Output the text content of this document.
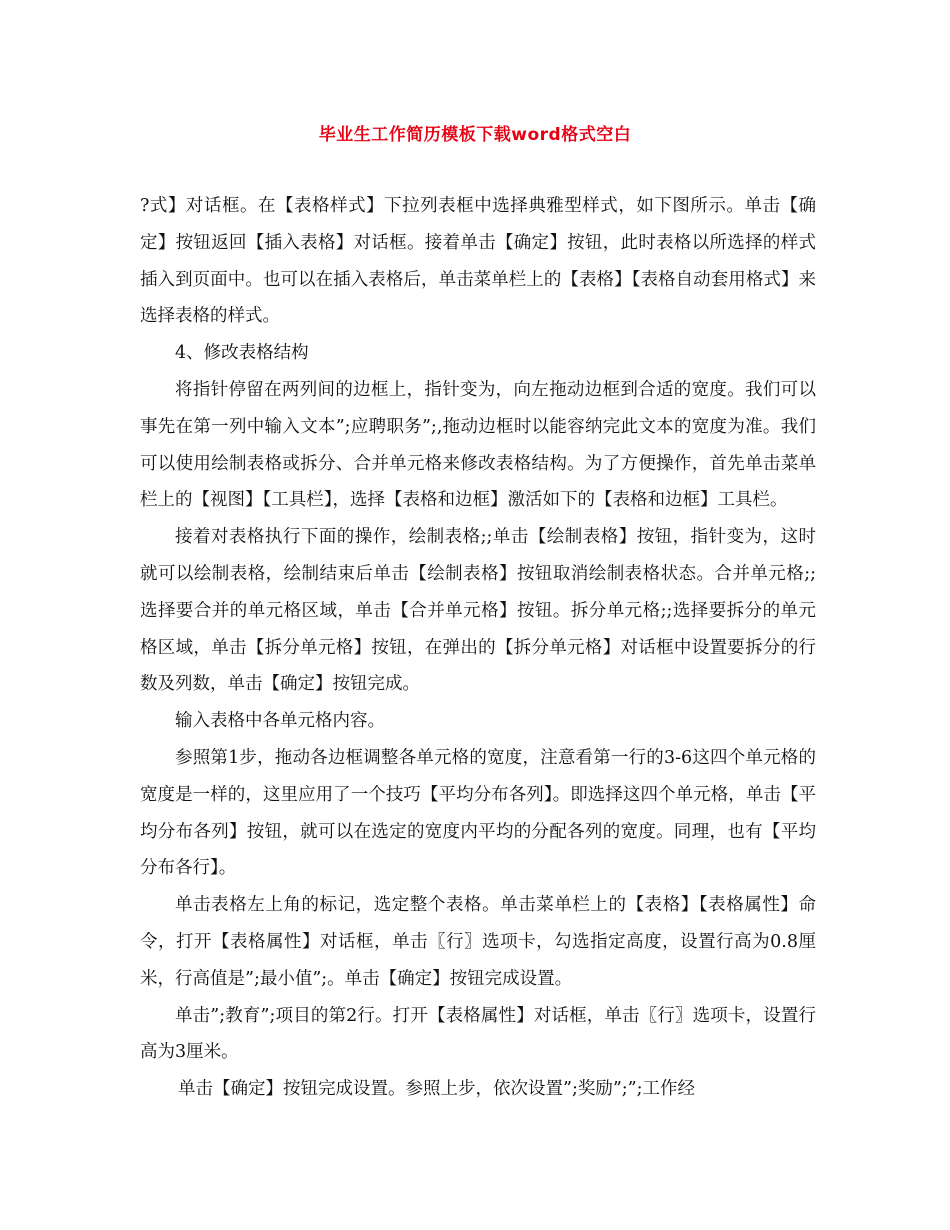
毕业生工作简历模板下载word格式空白

?式】对话框。在【表格样式】下拉列表框中选择典雅型样式，如下图所示。单击【确定】按钮返回【插入表格】对话框。接着单击【确定】按钮，此时表格以所选择的样式插入到页面中。也可以在插入表格后，单击菜单栏上的【表格】【表格自动套用格式】来选择表格的样式。

4、修改表格结构

将指针停留在两列间的边框上，指针变为，向左拖动边框到合适的宽度。我们可以事先在第一列中输入文本”;应聘职务”;,拖动边框时以能容纳完此文本的宽度为准。我们可以使用绘制表格或拆分、合并单元格来修改表格结构。为了方便操作，首先单击菜单栏上的【视图】【工具栏】，选择【表格和边框】激活如下的【表格和边框】工具栏。

接着对表格执行下面的操作，绘制表格;;单击【绘制表格】按钮，指针变为，这时就可以绘制表格，绘制结束后单击【绘制表格】按钮取消绘制表格状态。合并单元格;;选择要合并的单元格区域，单击【合并单元格】按钮。拆分单元格;;选择要拆分的单元格区域，单击【拆分单元格】按钮，在弹出的【拆分单元格】对话框中设置要拆分的行数及列数，单击【确定】按钮完成。

输入表格中各单元格内容。

参照第1步，拖动各边框调整各单元格的宽度，注意看第一行的3-6这四个单元格的宽度是一样的，这里应用了一个技巧【平均分布各列】。即选择这四个单元格，单击【平均分布各列】按钮，就可以在选定的宽度内平均的分配各列的宽度。同理，也有【平均分布各行】。

单击表格左上角的标记，选定整个表格。单击菜单栏上的【表格】【表格属性】命令，打开【表格属性】对话框，单击〖行〗选项卡，勾选指定高度，设置行高为0.8厘米，行高值是”;最小值”;。单击【确定】按钮完成设置。

单击”;教育”;项目的第2行。打开【表格属性】对话框，单击〖行〗选项卡，设置行高为3厘米。

单击【确定】按钮完成设置。参照上步，依次设置”;奖励”;”;工作经
